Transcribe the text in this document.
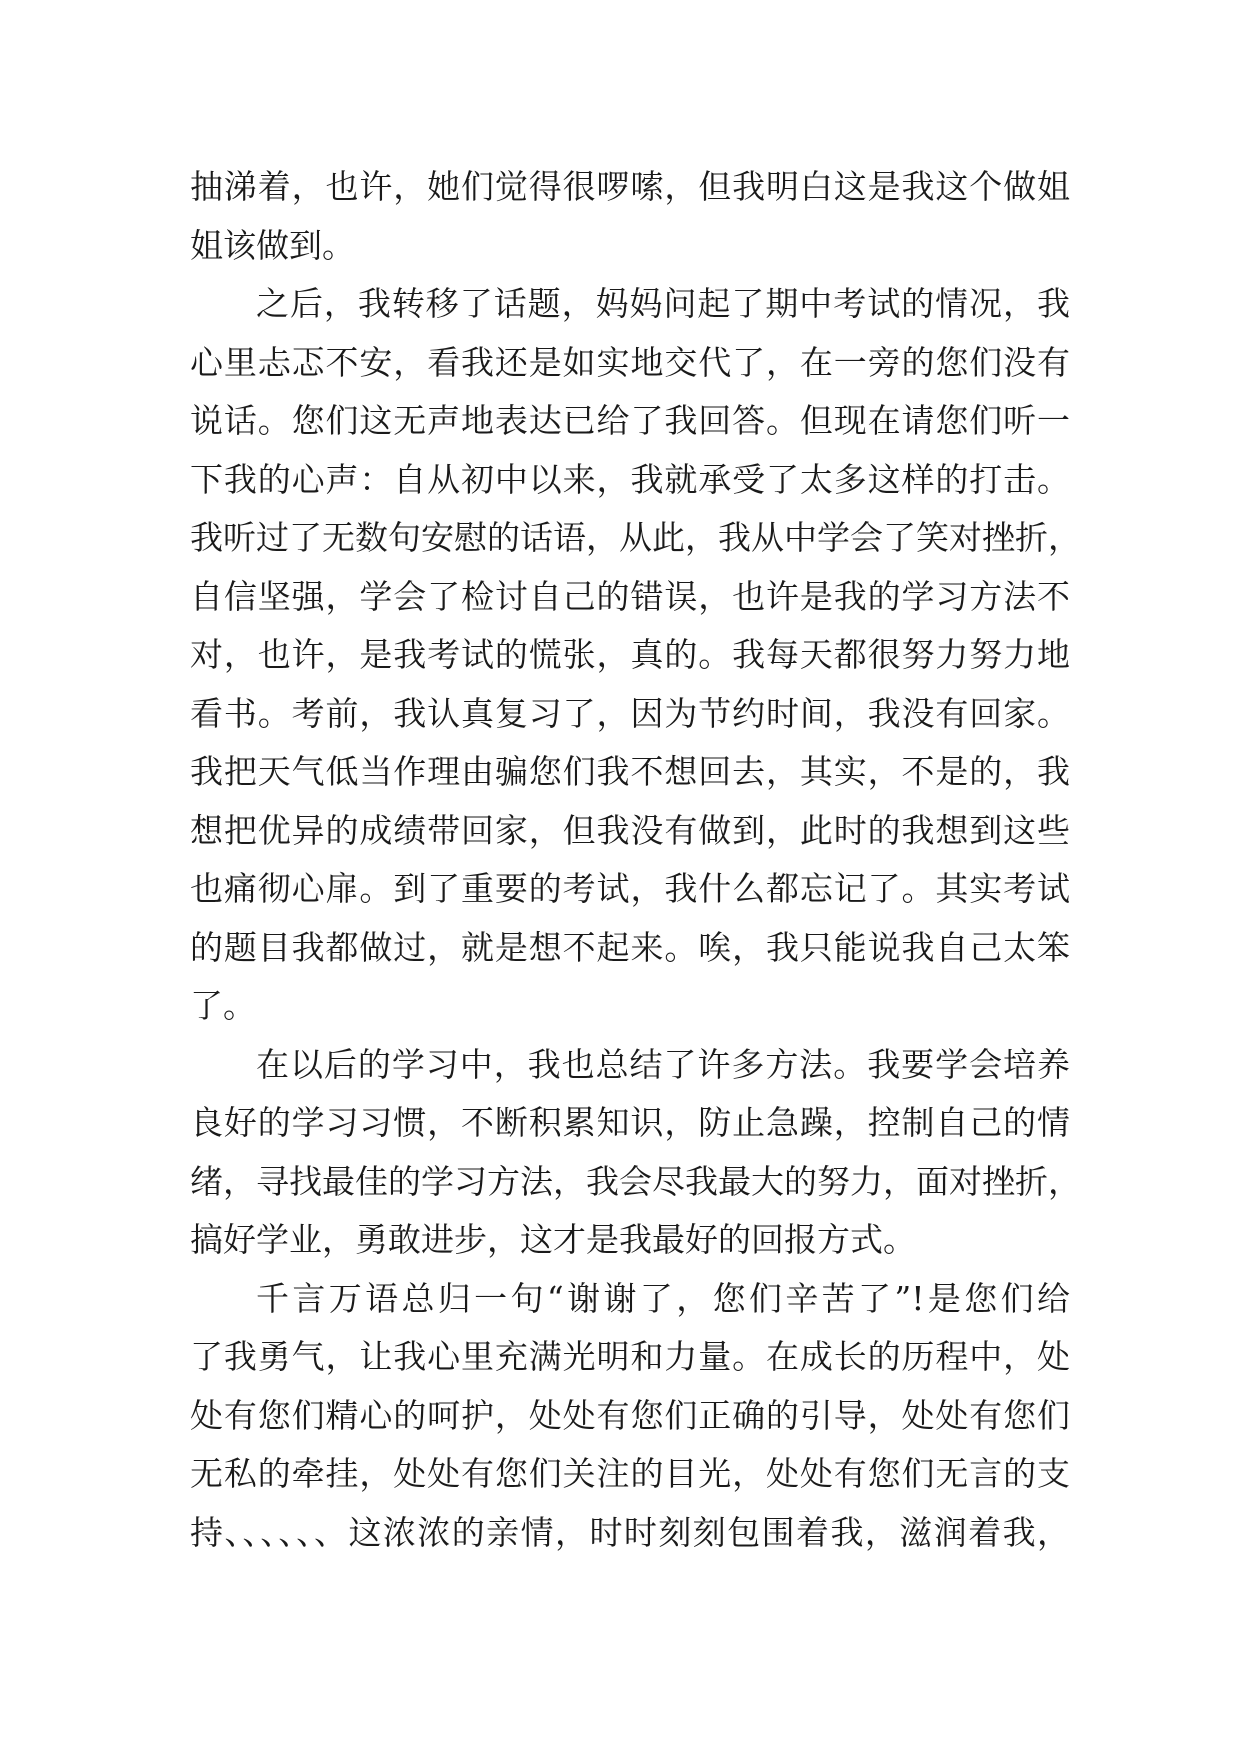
抽涕着，也许，她们觉得很啰嗦，但我明白这是我这个做姐
姐该做到。
之后，我转移了话题，妈妈问起了期中考试的情况，我
心里忐忑不安，看我还是如实地交代了，在一旁的您们没有
说话。您们这无声地表达已给了我回答。但现在请您们听一
下我的心声：自从初中以来，我就承受了太多这样的打击。
我听过了无数句安慰的话语，从此，我从中学会了笑对挫折，
自信坚强，学会了检讨自己的错误，也许是我的学习方法不
对，也许，是我考试的慌张，真的。我每天都很努力努力地
看书。考前，我认真复习了，因为节约时间，我没有回家。
我把天气低当作理由骗您们我不想回去，其实，不是的，我
想把优异的成绩带回家，但我没有做到，此时的我想到这些
也痛彻心扉。到了重要的考试，我什么都忘记了。其实考试
的题目我都做过，就是想不起来。唉，我只能说我自己太笨
了。
在以后的学习中，我也总结了许多方法。我要学会培养
良好的学习习惯，不断积累知识，防止急躁，控制自己的情
绪，寻找最佳的学习方法，我会尽我最大的努力，面对挫折，
搞好学业，勇敢进步，这才是我最好的回报方式。
千言万语总归一句“谢谢了，您们辛苦了”!是您们给
了我勇气，让我心里充满光明和力量。在成长的历程中，处
处有您们精心的呵护，处处有您们正确的引导，处处有您们
无私的牵挂，处处有您们关注的目光，处处有您们无言的支
持、、、、、、这浓浓的亲情，时时刻刻包围着我，滋润着我，
